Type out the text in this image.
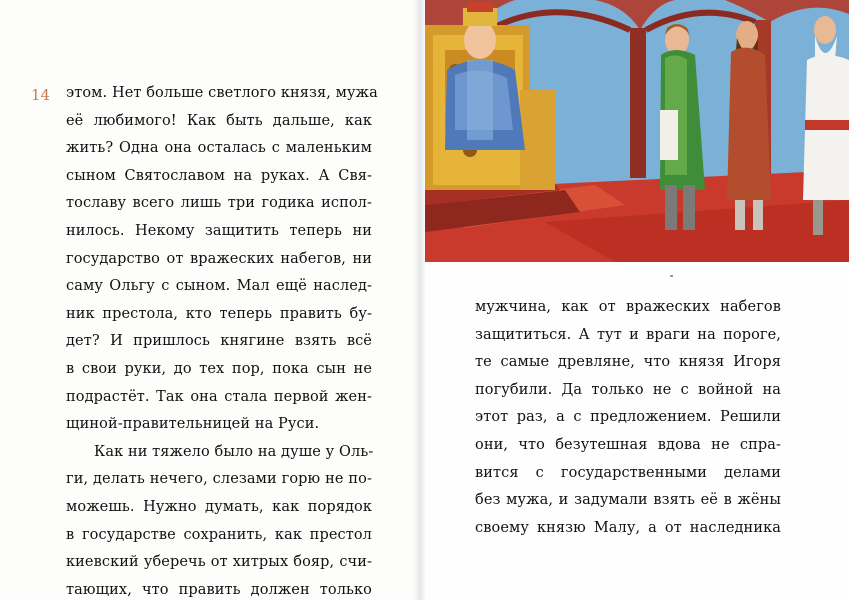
14 этом. Нет больше светлого князя, мужа
её любимого! Как быть дальше, как
жить? Одна она осталась с маленьким
сыном Святославом на руках. А Свя-
тославу всего лишь три годика испол-
нилось. Некому защитить теперь ни
государство от вражеских набегов, ни
саму Ольгу с сыном. Мал ещё наслед-
ник престола, кто теперь править бу-
дет? И пришлось княгине взять всё
в свои руки, до тех пор, пока сын не
подрастёт. Так она стала первой жен-
щиной-правительницей на Руси.
Как ни тяжело было на душе у Оль-
ги, делать нечего, слезами горю не по-
можешь. Нужно думать, как порядок
в государстве сохранить, как престол
киевский уберечь от хитрых бояр, счи-
тающих, что править должен только
мужчина, как от вражеских набегов
защититься. А тут и враги на пороге,
те самые древляне, что князя Игоря
погубили. Да только не с войной на
этот раз, а с предложением. Решили
они, что безутешная вдова не спра-
вится с государственными делами
без мужа, и задумали взять её в жёны
своему князю Малу, а от наследника
